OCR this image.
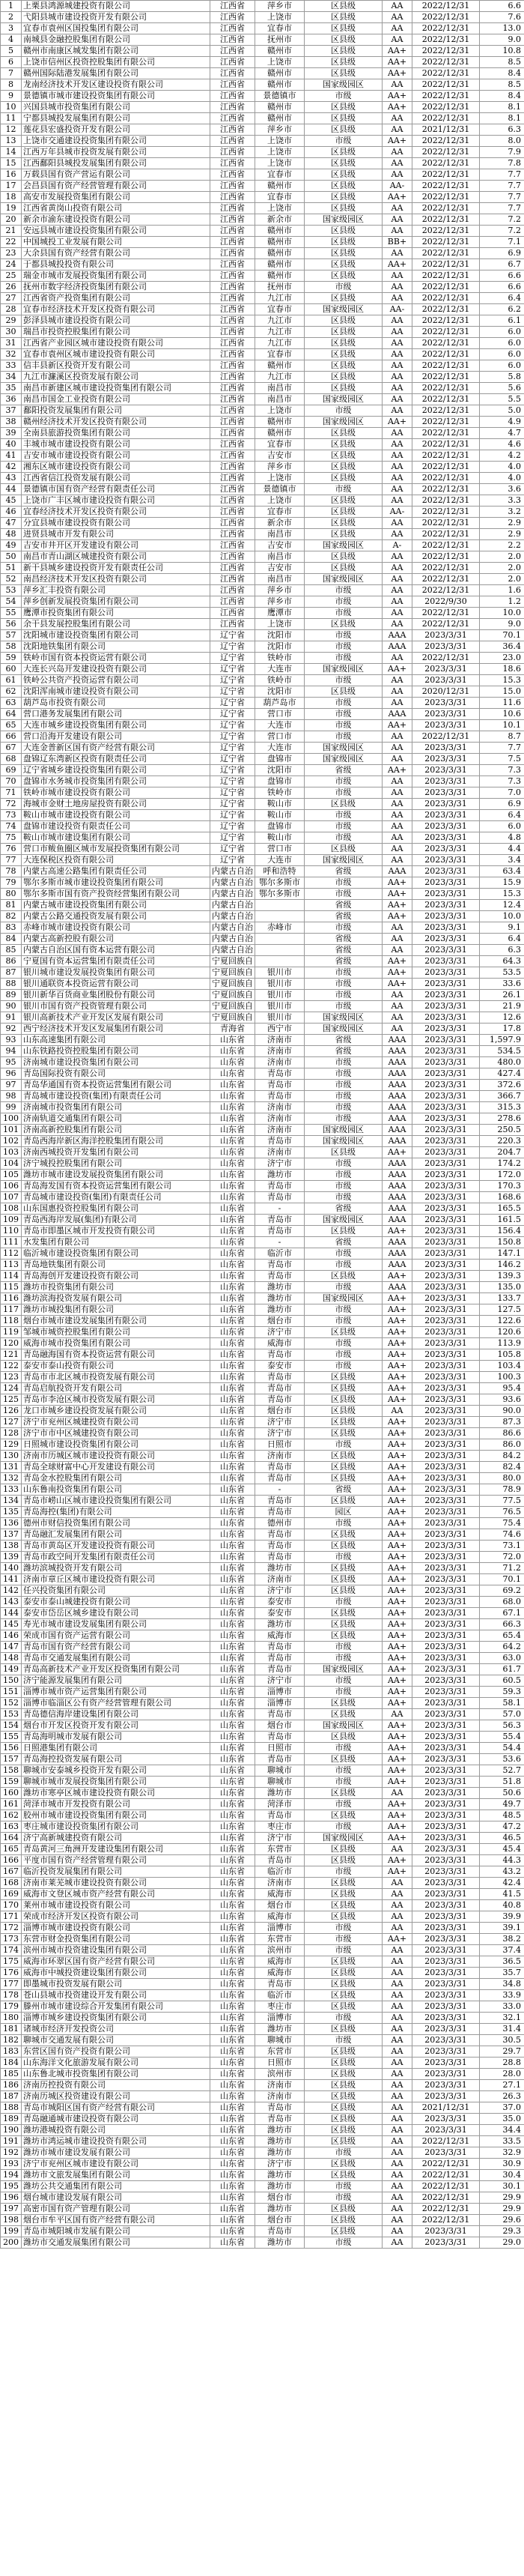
1	上栗县鸿源城建投资有限公司	江西省	萍乡市	区县级	AA	2022/12/31	6.6
2	弋阳县城市建设投资开发有限公司	江西省	上饶市	区县级	AA	2022/12/31	7.6
3	宜春市袁州区国投集团有限公司	江西省	宜春市	区县级	AA	2022/12/31	13.0
4	南城县金融控股集团有限公司	江西省	抚州市	区县级	AA	2022/12/31	9.0
5	赣州市南康区城发集团有限公司	江西省	赣州市	区县级	AA+	2022/12/31	10.8
6	上饶市信州区投资控股集团有限公司	江西省	上饶市	区县级	AA+	2022/12/31	8.5
7	赣州国际陆港发展集团有限公司	江西省	赣州市	区县级	AA+	2022/12/31	8.4
8	龙南经济技术开发区建设投资有限公司	江西省	赣州市	国家级园区	AA	2022/12/31	8.5
9	景德镇市城市建设投资集团有限公司	江西省	景德镇市	市级	AA+	2022/12/31	8.4
10	兴国县城市投资集团有限公司	江西省	赣州市	区县级	AA+	2022/12/31	8.1
11	宁都县城投发展集团有限公司	江西省	赣州市	区县级	AA	2022/12/31	8.1
12	莲花县宏盛投资开发有限公司	江西省	萍乡市	区县级	AA	2021/12/31	6.3
13	上饶市交通建设投资集团有限公司	江西省	上饶市	市级	AA+	2022/12/31	8.0
14	江西万年县城市投资发展有限公司	江西省	上饶市	区县级	AA	2022/12/31	7.9
15	江西鄱阳县城投发展集团有限公司	江西省	上饶市	区县级	AA	2022/12/31	7.8
16	万载县国有资产营运有限公司	江西省	宜春市	区县级	AA	2022/12/31	7.7
17	会昌县国有资产经营管理有限公司	江西省	赣州市	区县级	AA-	2022/12/31	7.7
18	高安市发展投资集团有限公司	江西省	宜春市	区县级	AA+	2022/12/31	7.7
19	江西省黄岗山投资有限公司	江西省	上饶市	区县级	AA	2022/12/31	7.7
20	新余市渝东建设投资有限公司	江西省	新余市	国家级园区	AA	2022/12/31	7.2
21	安远县城市建设投资集团有限公司	江西省	赣州市	区县级	AA	2022/12/31	7.2
22	中国城投工业发展有限公司	江西省	赣州市	区县级	BB+	2022/12/31	7.1
23	大余县国有资产经营有限公司	江西省	赣州市	区县级	AA	2022/12/31	6.9
24	于都县城投投资有限公司	江西省	赣州市	区县级	AA+	2022/12/31	6.7
25	瑞金市城市发展投资集团有限公司	江西省	赣州市	区县级	AA	2022/12/31	6.6
26	抚州市数字经济投资集团有限公司	江西省	抚州市	市级	AA	2022/12/31	6.6
27	江西省资产投资集团有限公司	江西省	九江市	区县级	AA	2022/12/31	6.4
28	宜春市经济技术开发区投资有限公司	江西省	宜春市	国家级园区	AA-	2022/12/31	6.2
29	彭泽县城市建设投资有限公司	江西省	九江市	区县级	AA	2022/12/31	6.1
30	瑞昌市投资控股集团有限公司	江西省	九江市	区县级	AA	2022/12/31	6.0
31	江西省产业园区城市建设投资有限公司	江西省	九江市	区县级	AA	2022/12/31	6.0
32	宜春市袁州区城市建设投资有限公司	江西省	宜春市	区县级	AA	2022/12/31	6.0
33	信丰县新区投资开发有限公司	江西省	赣州市	区县级	AA	2022/12/31	6.0
34	九江市濂溪区投资发展有限公司	江西省	九江市	区县级	AA	2022/12/31	5.8
35	南昌市新建区城市建设投资集团有限公司	江西省	南昌市	区县级	AA	2022/12/31	5.6
36	南昌市国金工业投资有限公司	江西省	南昌市	国家级园区	AA	2022/12/31	5.5
37	鄱阳投资发展集团有限公司	江西省	上饶市	市级	AA	2022/12/31	5.0
38	赣州经济技术开发区投资有限公司	江西省	赣州市	国家级园区	AA+	2022/12/31	4.9
39	全南县旅游投资集团有限公司	江西省	赣州市	区县级	AA	2022/12/31	4.7
40	丰城市城市建设投资有限公司	江西省	宜春市	区县级	AA	2022/12/31	4.6
41	吉安市城市建设投资有限公司	江西省	吉安市	区县级	AA	2022/12/31	4.2
42	湘东区城市建设投资有限公司	江西省	萍乡市	区县级	AA	2022/12/31	4.0
43	江西省信江投资发展有限公司	江西省	上饶市	区县级	AA	2022/12/31	4.0
44	景德镇市国有资产经营有限责任公司	江西省	景德镇市	市级	AA	2022/12/31	3.6
45	上饶市广丰区城市建设投资有限公司	江西省	上饶市	区县级	AA	2022/12/31	3.3
46	宜春经济技术开发区投资有限公司	江西省	宜春市	区县级	AA-	2022/12/31	3.2
47	分宜县城市建设投资有限公司	江西省	新余市	区县级	AA	2022/12/31	2.9
48	进贤县城市开发有限公司	江西省	南昌市	区县级	AA	2022/12/31	2.9
49	吉安市井开区开发建设有限公司	江西省	吉安市	国家级园区	A-	2022/12/31	2.2
50	南昌市青山湖区城建投资有限公司	江西省	南昌市	区县级	AA	2022/12/31	2.0
51	新干县城乡建设投资开发有限责任公司	江西省	吉安市	区县级	AA	2022/12/31	2.0
52	南昌经济技术开发区投资有限公司	江西省	南昌市	国家级园区	AA	2022/12/31	2.0
53	萍乡汇丰投资有限公司	江西省	萍乡市	市级	AA	2022/12/31	1.6
54	萍乡创新发展投资集团有限公司	江西省	萍乡市	市级	AA	2022/9/30	1.2
55	鹰潭市投资集团有限公司	江西省	鹰潭市	市级	AA	2022/12/31	10.0
56	余干县发展控股集团有限公司	江西省	上饶市	区县级	AA	2022/12/31	9.0
57	沈阳城市建设投资集团有限公司	辽宁省	沈阳市	市级	AAA	2023/3/31	70.1
58	沈阳地铁集团有限公司	辽宁省	沈阳市	市级	AAA	2023/3/31	36.4
59	铁岭市国有资本投资运营有限公司	辽宁省	铁岭市	市级	AA	2022/12/31	23.0
60	大连长兴岛开发建设投资有限公司	辽宁省	大连市	国家级园区	AA+	2023/3/31	18.6
61	铁岭公共资产投资运营有限公司	辽宁省	铁岭市	市级	AA	2023/3/31	15.3
62	沈阳浑南城市建设投资有限公司	辽宁省	沈阳市	区县级	AA	2020/12/31	15.0
63	葫芦岛市投资有限公司	辽宁省	葫芦岛市	市级	AA	2023/3/31	11.6
64	营口港务发展集团有限公司	辽宁省	营口市	市级	AAA	2023/3/31	10.6
65	大连市城乡建设投资集团有限公司	辽宁省	大连市	市级	AA+	2023/3/31	10.1
66	营口沿海开发建设有限公司	辽宁省	营口市	市级	AA	2022/12/31	8.7
67	大连金普新区国有资产经营有限公司	辽宁省	大连市	国家级园区	AA	2023/3/31	7.7
68	盘锦辽东湾新区投资有限责任公司	辽宁省	盘锦市	国家级园区	AA	2023/3/31	7.5
69	辽宁省城乡建设投资集团有限公司	辽宁省	沈阳市	省级	AA+	2023/3/31	7.3
70	盘锦市水务城市投资集团有限公司	辽宁省	盘锦市	市级	AA	2023/3/31	7.3
71	铁岭市城市建设投资有限公司	辽宁省	铁岭市	市级	AA	2023/3/31	7.0
72	海城市金财土地房屋投资有限公司	辽宁省	鞍山市	区县级	AA	2023/3/31	6.9
73	鞍山市城市建设投资有限公司	辽宁省	鞍山市	市级	AA	2023/3/31	6.4
74	盘锦市建设投资有限责任公司	辽宁省	盘锦市	市级	AA	2023/3/31	6.0
75	鞍山市城市建设集团有限公司	辽宁省	鞍山市	市级	AA	2023/3/31	4.8
76	营口市鲅鱼圈区城市发展投资集团有限公司	辽宁省	营口市	区县级	AA	2023/3/31	4.4
77	大连保税区投资有限公司	辽宁省	大连市	国家级园区	AA	2023/3/31	3.4
78	内蒙古高速公路集团有限责任公司	内蒙古自治	呼和浩特	省级	AAA	2023/3/31	63.4
79	鄂尔多斯市城市建设投资集团有限公司	内蒙古自治	鄂尔多斯市	市级	AA+	2023/3/31	15.9
80	鄂尔多斯市国有资产投资经营集团有限公司	内蒙古自治	鄂尔多斯市	市级	AA+	2023/3/31	15.3
81	内蒙古城市建设投资集团有限公司	内蒙古自治		省级	AA+	2023/3/31	12.4
82	内蒙古公路交通投资发展有限公司	内蒙古自治		省级	AA+	2023/3/31	10.0
83	赤峰市城市建设投资有限公司	内蒙古自治	赤峰市	市级	AA	2023/3/31	9.1
84	内蒙古高新控股有限公司	内蒙古自治		省级	AA	2023/3/31	6.4
85	内蒙古自治区国有资本运营有限公司	内蒙古自治		省级	AA	2023/3/31	6.3
86	宁夏国有资本运营集团有限责任公司	宁夏回族自		省级	AA+	2023/3/31	64.3
87	银川城市建设发展投资集团有限公司	宁夏回族自	银川市	市级	AA+	2023/3/31	53.5
88	银川通联资本投资运营有限公司	宁夏回族自	银川市	市级	AA+	2023/3/31	33.6
89	银川新华百货商业集团股份有限公司	宁夏回族自	银川市	市级	AA	2023/3/31	26.1
90	银川市国有资产投资管理有限公司	宁夏回族自	银川市	市级	AA	2023/3/31	21.9
91	银川高新技术产业开发区发展有限公司	宁夏回族自	银川市	国家级园区	AA	2023/3/31	12.6
92	西宁经济技术开发区发展集团有限公司	青海省	西宁市	国家级园区	AA	2023/3/31	17.8
93	山东高速集团有限公司	山东省	济南市	省级	AAA	2023/3/31	1,597.9
94	山东铁路投资控股集团有限公司	山东省	济南市	省级	AAA	2023/3/31	534.5
95	济南城市建设投资集团有限公司	山东省	济南市	市级	AAA	2023/3/31	480.0
96	青岛国际投资有限公司	山东省	青岛市	市级	AAA	2023/3/31	427.4
97	青岛华通国有资本投资运营集团有限公司	山东省	青岛市	市级	AAA	2023/3/31	372.6
98	青岛城市建设投资(集团)有限责任公司	山东省	青岛市	市级	AAA	2023/3/31	366.7
99	济南城市投资集团有限公司	山东省	济南市	市级	AAA	2023/3/31	315.3
100	济南轨道交通集团有限公司	山东省	济南市	市级	AAA	2023/3/31	278.6
101	济南高新控股集团有限公司	山东省	济南市	国家级园区	AAA	2023/3/31	250.5
102	青岛西海岸新区海洋控股集团有限公司	山东省	青岛市	国家级园区	AAA	2023/3/31	220.3
103	济南西城投资开发集团有限公司	山东省	济南市	区县级	AA+	2023/3/31	204.7
104	济宁城投控股集团有限公司	山东省	济宁市	市级	AAA	2023/3/31	174.2
105	潍坊市城市建设发展投资集团有限公司	山东省	潍坊市	市级	AAA	2023/3/31	172.0
106	青岛海发国有资本投资运营集团有限公司	山东省	青岛市	市级	AAA	2023/3/31	170.3
107	青岛城市建设投资(集团)有限责任公司	山东省	青岛市	市级	AAA	2023/3/31	168.6
108	山东国惠投资控股集团有限公司	山东省	-	省级	AAA	2023/3/31	165.5
109	青岛西海岸发展(集团)有限公司	山东省	青岛市	国家级园区	AAA	2023/3/31	161.5
110	青岛市即墨区城市开发投资有限公司	山东省	青岛市	区县级	AA+	2023/3/31	156.4
111	水发集团有限公司	山东省	-	省级	AAA	2023/3/31	150.8
112	临沂城市建设投资集团有限公司	山东省	临沂市	市级	AAA	2023/3/31	147.1
113	青岛地铁集团有限公司	山东省	青岛市	市级	AAA	2023/3/31	146.2
114	青岛海创开发建设投资有限公司	山东省	青岛市	区县级	AA+	2023/3/31	139.3
115	潍坊市投资集团有限公司	山东省	潍坊市	市级	AAA	2023/3/31	135.0
116	潍坊滨海投资发展有限公司	山东省	潍坊市	国家级园区	AA+	2023/3/31	133.7
117	潍坊市城投集团有限公司	山东省	潍坊市	市级	AA+	2023/3/31	127.5
118	烟台市城市建设发展集团有限公司	山东省	烟台市	市级	AA+	2023/3/31	122.6
119	邹城市城资控股集团有限公司	山东省	济宁市	区县级	AA+	2023/3/31	120.6
120	威海市城市投资集团有限公司	山东省	威海市	市级	AA+	2023/3/31	113.9
121	青岛融海国有资本投资运营有限公司	山东省	青岛市	市级	AA+	2023/3/31	105.8
122	泰安市泰山投资有限公司	山东省	泰安市	市级	AA+	2023/3/31	103.4
123	青岛市市北区城市投资发展有限公司	山东省	青岛市	区县级	AA+	2023/3/31	100.3
124	青岛启航投资开发有限公司	山东省	青岛市	区县级	AA+	2023/3/31	95.4
125	青岛市李沧区城市投资发展有限公司	山东省	青岛市	区县级	AA+	2023/3/31	93.6
126	龙口市城乡建设投资发展有限公司	山东省	烟台市	区县级	AA	2023/3/31	90.0
127	济宁市兖州区城建投资有限公司	山东省	济宁市	区县级	AA+	2023/3/31	87.3
128	济宁市市中区城建投资有限公司	山东省	济宁市	区县级	AA+	2023/3/31	86.6
129	日照城市建设投资集团有限公司	山东省	日照市	市级	AA+	2023/3/31	86.0
130	济南市历城区城市建设投资有限公司	山东省	济南市	区县级	AA+	2023/3/31	84.2
131	青岛全球财富中心开发建设有限公司	山东省	青岛市	区县级	AA+	2023/3/31	82.4
132	青岛金水控股集团有限公司	山东省	青岛市	区县级	AA+	2023/3/31	80.0
133	山东鲁南投资集团有限公司	山东省	-	省级	AA+	2023/3/31	78.9
134	青岛市崂山区城市建设投资集团有限公司	山东省	青岛市	区县级	AA+	2023/3/31	77.5
135	青岛海控(集团)有限公司	山东省	青岛市	园区	AA+	2023/3/31	76.5
136	德州市财信投资集团有限公司	山东省	德州市	市级	AA+	2023/3/31	75.4
137	青岛融汇发展集团有限公司	山东省	青岛市	区县级	AA+	2023/3/31	74.6
138	青岛市黄岛区开发建设投资有限公司	山东省	青岛市	区县级	AA+	2023/3/31	73.1
139	青岛市政空间开发集团有限责任公司	山东省	青岛市	市级	AA+	2023/3/31	72.0
140	潍坊滨城投资开发有限公司	山东省	潍坊市	区县级	AA+	2023/3/31	71.2
141	济南市章丘区城市建设投资有限公司	山东省	济南市	区县级	AA+	2023/3/31	70.1
142	任兴投资集团有限公司	山东省	济宁市	区县级	AA+	2023/3/31	69.2
143	泰安市泰山城建投资有限公司	山东省	泰安市	市级	AA+	2023/3/31	68.0
144	泰安市岱岳区城乡建设有限公司	山东省	泰安市	区县级	AA+	2023/3/31	67.1
145	寿光市城市建设发展集团有限公司	山东省	潍坊市	区县级	AA+	2023/3/31	66.3
146	荣成市国有资产运营有限公司	山东省	威海市	区县级	AA+	2023/3/31	65.4
147	青岛市国有资产经营有限公司	山东省	青岛市	市级	AA+	2023/3/31	64.2
148	青岛市交通发展集团有限公司	山东省	青岛市	市级	AA+	2023/3/31	63.0
149	青岛高新技术产业开发区投资集团有限公司	山东省	青岛市	国家级园区	AA+	2023/3/31	61.7
150	济宁能源发展集团有限公司	山东省	济宁市	市级	AA+	2023/3/31	60.5
151	淄博市城市资产运营集团有限公司	山东省	淄博市	市级	AA+	2023/3/31	59.3
152	淄博市临淄区公有资产经营管理有限公司	山东省	淄博市	区县级	AA+	2023/3/31	58.1
153	青岛德信海岸建设集团有限公司	山东省	青岛市	区县级	AA	2023/3/31	57.0
154	烟台市开发区投资开发有限公司	山东省	烟台市	国家级园区	AA+	2023/3/31	56.3
155	青岛海明城市发展有限公司	山东省	青岛市	区县级	AA+	2023/3/31	55.4
156	日照港集团有限公司	山东省	日照市	市级	AA+	2023/3/31	54.4
157	青岛海控投资发展有限公司	山东省	青岛市	区县级	AA+	2023/3/31	53.6
158	聊城市安泰城乡投资开发有限公司	山东省	聊城市	市级	AA+	2023/3/31	52.7
159	聊城市城市发展投资集团有限公司	山东省	聊城市	市级	AA+	2023/3/31	51.8
160	潍坊市寒亭区城市建设投资有限公司	山东省	潍坊市	区县级	AA	2023/3/31	50.6
161	菏泽市城市开发投资有限公司	山东省	菏泽市	市级	AA+	2023/3/31	49.7
162	胶州市城市建设投资集团有限公司	山东省	青岛市	区县级	AA+	2023/3/31	48.5
163	枣庄城市建设投资集团有限公司	山东省	枣庄市	市级	AA+	2023/3/31	47.2
164	济宁高新城建投资有限公司	山东省	济宁市	国家级园区	AA+	2023/3/31	46.5
165	青岛黄河三角洲开发建设集团有限公司	山东省	东营市	区县级	AA	2023/3/31	45.4
166	平度市国有资产经营管理有限公司	山东省	青岛市	区县级	AA+	2023/3/31	44.3
167	临沂投资发展集团有限公司	山东省	临沂市	市级	AA+	2023/3/31	43.2
168	济南市莱芜城市建设投资有限公司	山东省	济南市	区县级	AA	2023/3/31	42.4
169	威海市文登区城市资产经营有限公司	山东省	威海市	区县级	AA	2023/3/31	41.5
170	莱州市城市建设投资有限公司	山东省	烟台市	区县级	AA	2023/3/31	40.8
171	荣成市经济开发区投资有限公司	山东省	威海市	区县级	AA	2023/3/31	39.9
172	淄博市城市建设投资有限公司	山东省	淄博市	市级	AA	2023/3/31	39.1
173	东营市财金投资集团有限公司	山东省	东营市	市级	AA+	2023/3/31	38.2
174	滨州市城市投资建设集团有限公司	山东省	滨州市	市级	AA	2023/3/31	37.4
175	威海市环翠区国有资产经营有限公司	山东省	威海市	区县级	AA	2023/3/31	36.5
176	威海市中城投资建设集团有限公司	山东省	威海市	区县级	AA	2023/3/31	35.7
177	即墨城市投资发展有限公司	山东省	青岛市	区县级	AA	2023/3/31	34.8
178	苍山县城市投资建设开发有限公司	山东省	临沂市	区县级	AA	2023/3/31	33.9
179	滕州市城市建设综合开发集团有限公司	山东省	枣庄市	区县级	AA	2023/3/31	33.0
180	淄博市城乡建设投资集团有限公司	山东省	淄博市	市级	AA	2023/3/31	32.1
181	诸城市经济开发投资公司	山东省	潍坊市	区县级	AA	2023/3/31	31.4
182	聊城市交通发展有限公司	山东省	聊城市	市级	AA	2023/3/31	30.5
183	东营区国有资产投资有限公司	山东省	东营市	区县级	AA	2023/3/31	29.7
184	山东海洋文化旅游发展有限公司	山东省	日照市	区县级	AA	2023/3/31	28.8
185	山东鲁北城市投资集团有限公司	山东省	滨州市	区县级	AA	2023/3/31	28.0
186	济南历控投资有限公司	山东省	济南市	区县级	AA	2023/3/31	27.1
187	济南历城区投资建设有限公司	山东省	济南市	区县级	AA	2023/3/31	26.3
188	青岛市城阳区国有资产经营有限公司	山东省	青岛市	区县级	AA	2021/12/31	37.0
189	青岛融通城市建设投资有限公司	山东省	青岛市	区县级	AA	2023/3/31	35.0
190	潍坊港城投资有限公司	山东省	潍坊市	区县级	AA	2023/3/31	34.4
191	潍坊市鸿运城市建设投资有限公司	山东省	潍坊市	区县级	AA	2022/12/31	33.5
192	潍坊市城市建设发展有限公司	山东省	潍坊市	市级	AA	2023/3/31	32.9
193	济宁市兖州区城市建设有限公司	山东省	济宁市	区县级	AA	2022/12/31	30.9
194	潍坊市文旅发展集团有限公司	山东省	潍坊市	区县级	AA	2022/12/31	30.4
195	潍坊公共交通集团有限公司	山东省	潍坊市	市级	AA	2022/12/31	30.1
196	烟台城市建设发展有限公司	山东省	烟台市	市级	AA	2022/12/31	29.9
197	高密市国有资产管理有限公司	山东省	潍坊市	区县级	AA	2022/12/31	29.9
198	烟台市牟平区国有资产经营有限公司	山东省	烟台市	区县级	AA	2022/12/31	29.6
199	青岛市城阳城市发展有限公司	山东省	青岛市	区县级	AA	2023/3/31	29.3
200	潍坊市交通发展集团有限公司	山东省	潍坊市	市级	AA	2023/3/31	29.0
